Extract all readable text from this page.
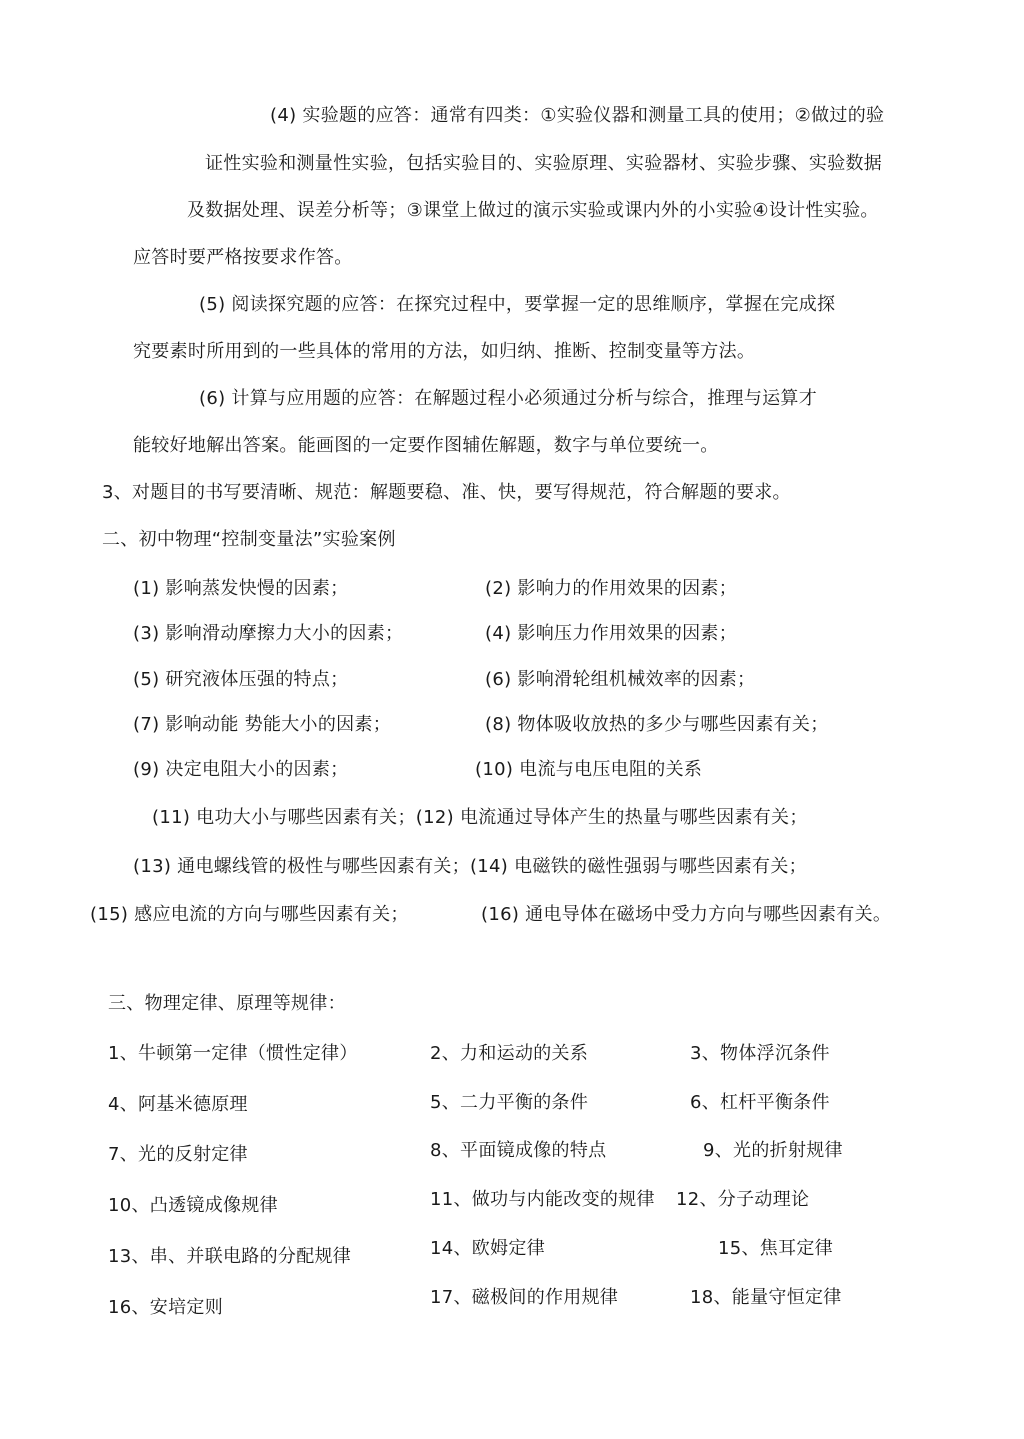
(4) 实验题的应答：通常有四类：①实验仪器和测量工具的使用；②做过的验
证性实验和测量性实验，包括实验目的、实验原理、实验器材、实验步骤、实验数据
及数据处理、误差分析等；③课堂上做过的演示实验或课内外的小实验④设计性实验。
应答时要严格按要求作答。
(5) 阅读探究题的应答：在探究过程中，要掌握一定的思维顺序，掌握在完成探
究要素时所用到的一些具体的常用的方法，如归纳、推断、控制变量等方法。
(6) 计算与应用题的应答：在解题过程小必须通过分析与综合，推理与运算才
能较好地解出答案。能画图的一定要作图辅佐解题，数字与单位要统一。
3、对题目的书写要清晰、规范：解题要稳、准、快，要写得规范，符合解题的要求。
二、初中物理“控制变量法”实验案例
(1) 影响蒸发快慢的因素；	(2) 影响力的作用效果的因素；
(3) 影响滑动摩擦力大小的因素；	(4) 影响压力作用效果的因素；
(5) 研究液体压强的特点；	(6) 影响滑轮组机械效率的因素；
(7) 影响动能 势能大小的因素；	(8) 物体吸收放热的多少与哪些因素有关；
(9) 决定电阻大小的因素；	(10) 电流与电压电阻的关系
(11) 电功大小与哪些因素有关；(12) 电流通过导体产生的热量与哪些因素有关；
(13) 通电螺线管的极性与哪些因素有关；(14) 电磁铁的磁性强弱与哪些因素有关；
(15) 感应电流的方向与哪些因素有关；	(16) 通电导体在磁场中受力方向与哪些因素有关。
三、物理定律、原理等规律：
1、牛顿第一定律（惯性定律）	2、力和运动的关系	3、物体浮沉条件
4、阿基米德原理	5、二力平衡的条件	6、杠杆平衡条件
7、光的反射定律	8、平面镜成像的特点	9、光的折射规律
10、凸透镜成像规律	11、做功与内能改变的规律 12、分子动理论
13、串、并联电路的分配规律	14、欧姆定律	15、焦耳定律
16、安培定则	17、磁极间的作用规律	18、能量守恒定律
